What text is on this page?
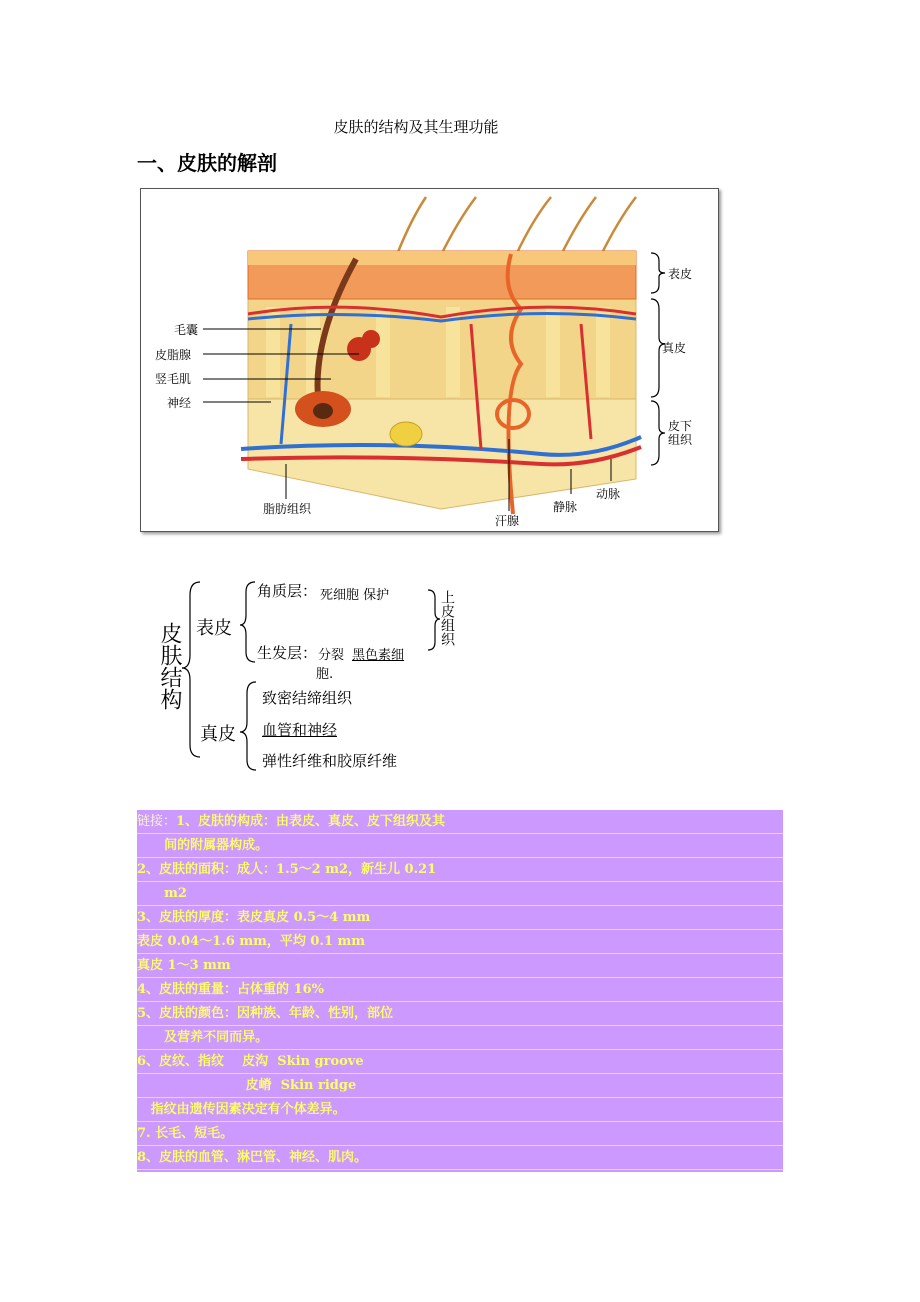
皮肤的结构及其生理功能
一、皮肤的解剖
毛囊
皮脂腺
竖毛肌
神经
表皮
真皮
皮下
组织
脂肪组织
汗腺
静脉
动脉
皮肤结构 表皮
角质层： 死细胞 保护
生发层： 分裂 黑色素细
胞.
上皮组织
真皮
致密结缔组织
血管和神经
弹性纤维和胶原纤维
链接：1、皮肤的构成：由表皮、真皮、皮下组织及其
间的附属器构成。
2、皮肤的面积：成人：1.5～2 m2，新生儿 0.21
m2
3、皮肤的厚度：表皮真皮 0.5～4 mm
表皮 0.04～1.6 mm，平均 0.1 mm
真皮 1～3 mm
4、皮肤的重量：占体重的 16%
5、皮肤的颜色：因种族、年龄、性别，部位
及营养不同而异。
6、皮纹、指纹    皮沟  Skin groove
皮嵴  Skin ridge
指纹由遗传因素决定有个体差异。
7. 长毛、短毛。
8、皮肤的血管、淋巴管、神经、肌肉。
